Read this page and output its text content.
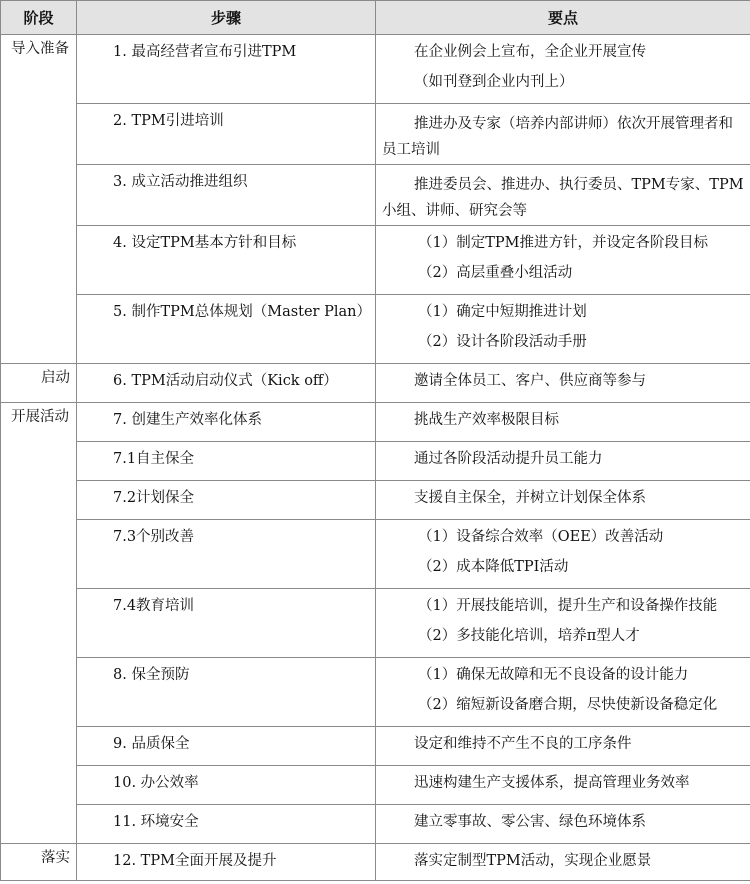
阶段	步骤	要点

导入准备	1. 最高经营者宣布引进TPM	在企业例会上宣布，全企业开展宣传
（如刊登到企业内刊上）

	2. TPM引进培训	推进办及专家（培养内部讲师）依次开展管理者和员工培训

	3. 成立活动推进组织	推进委员会、推进办、执行委员、TPM专家、TPM小组、讲师、研究会等

	4. 设定TPM基本方针和目标	（1）制定TPM推进方针，并设定各阶段目标
（2）高层重叠小组活动

	5. 制作TPM总体规划（Master Plan）	（1）确定中短期推进计划
（2）设计各阶段活动手册

启动	6. TPM活动启动仪式（Kick off）	邀请全体员工、客户、供应商等参与

开展活动	7. 创建生产效率化体系	挑战生产效率极限目标

	7.1自主保全	通过各阶段活动提升员工能力

	7.2计划保全	支援自主保全，并树立计划保全体系

	7.3个别改善	（1）设备综合效率（OEE）改善活动
（2）成本降低TPI活动

	7.4教育培训	（1）开展技能培训，提升生产和设备操作技能
（2）多技能化培训，培养π型人才

	8. 保全预防	（1）确保无故障和无不良设备的设计能力
（2）缩短新设备磨合期，尽快使新设备稳定化

	9. 品质保全	设定和维持不产生不良的工序条件

	10. 办公效率	迅速构建生产支援体系，提高管理业务效率

	11. 环境安全	建立零事故、零公害、绿色环境体系

落实	12. TPM全面开展及提升	落实定制型TPM活动，实现企业愿景
